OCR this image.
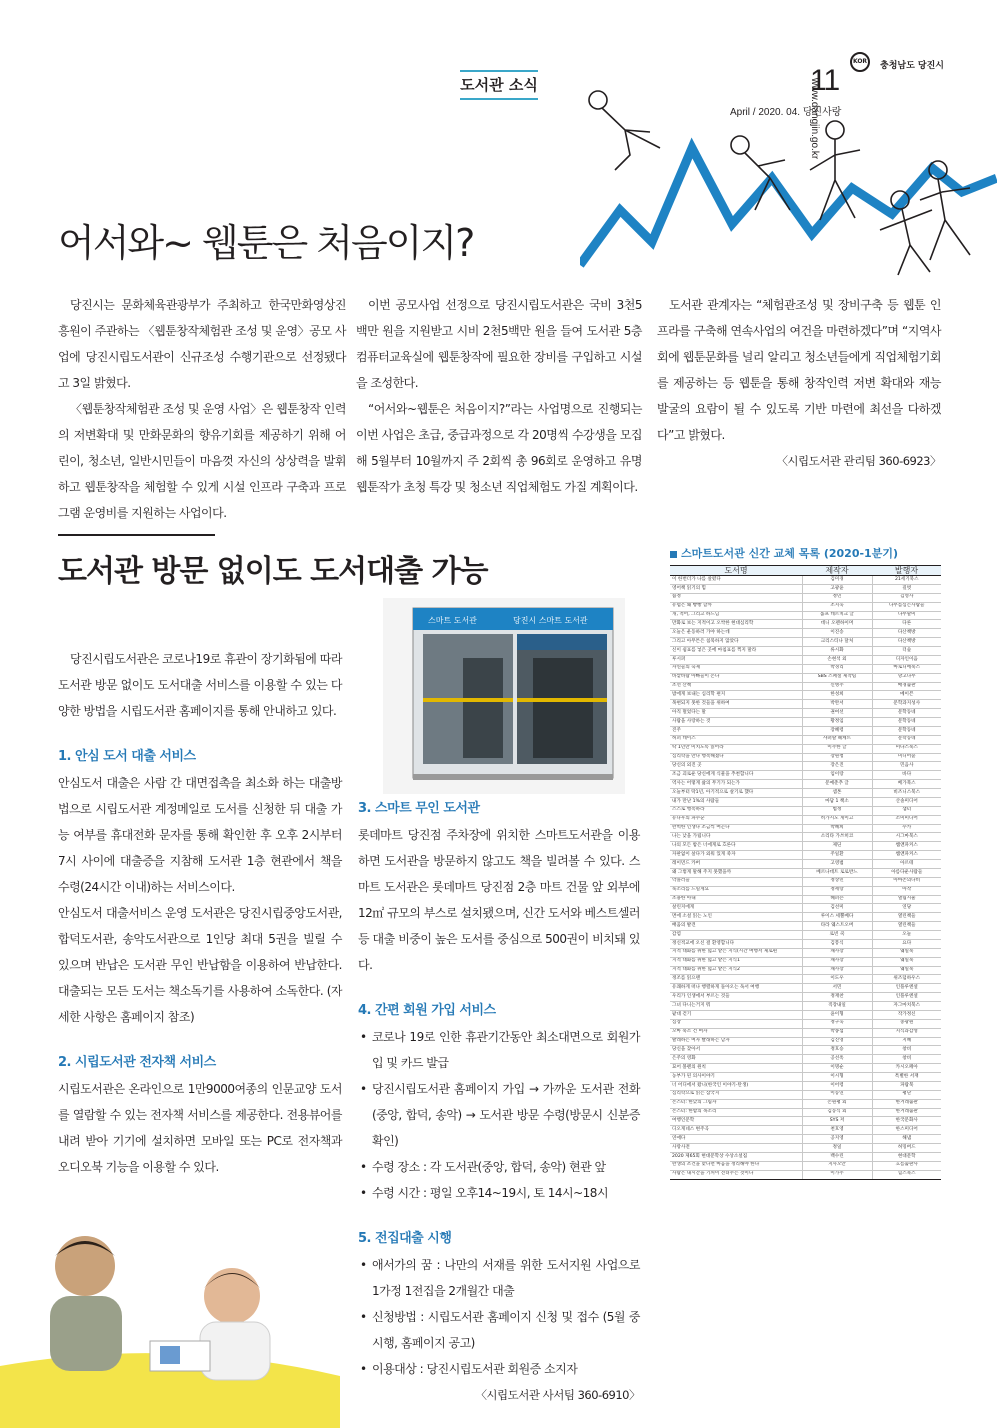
도서관 소식	11
April / 2020. 04. 당진사랑
www.dangjin.go.kr
KOR	충청남도 당진시
어서와~ 웹툰은 처음이지?

당진시는 문화체육관광부가 주최하고 한국만화영상진흥원이 주관하는 〈웹툰창작체험관 조성 및 운영〉공모 사업에 당진시립도서관이 신규조성 수행기관으로 선정됐다고 3일 밝혔다.

〈웹툰창작체험관 조성 및 운영 사업〉은 웹툰창작 인력의 저변확대 및 만화문화의 향유기회를 제공하기 위해 어린이, 청소년, 일반시민들이 마음껏 자신의 상상력을 발휘하고 웹툰창작을 체험할 수 있게 시설 인프라 구축과 프로그램 운영비를 지원하는 사업이다.

이번 공모사업 선정으로 당진시립도서관은 국비 3천5백만 원을 지원받고 시비 2천5백만 원을 들여 도서관 5층 컴퓨터교육실에 웹툰창작에 필요한 장비를 구입하고 시설을 조성한다.

“어서와~웹툰은 처음이지?”라는 사업명으로 진행되는 이번 사업은 초급, 중급과정으로 각 20명씩 수강생을 모집해 5월부터 10월까지 주 2회씩 총 96회로 운영하고 유명 웹툰작가 초청 특강 및 청소년 직업체험도 가질 계획이다.

도서관 관계자는 “체험관조성 및 장비구축 등 웹툰 인프라를 구축해 연속사업의 여건을 마련하겠다”며 “지역사회에 웹툰문화를 널리 알리고 청소년들에게 직업체험기회를 제공하는 등 웹툰을 통해 창작인력 저변 확대와 재능 발굴의 요람이 될 수 있도록 기반 마련에 최선을 다하겠다”고 밝혔다.

〈시립도서관 관리팀 360-6923〉

도서관 방문 없이도 도서대출 가능
스마트 도서관	당진시 스마트 도서관

당진시립도서관은 코로나19로 휴관이 장기화됨에 따라 도서관 방문 없이도 도서대출 서비스를 이용할 수 있는 다양한 방법을 시립도서관 홈페이지를 통해 안내하고 있다.

1. 안심 도서 대출 서비스

안심도서 대출은 사람 간 대면접촉을 최소화 하는 대출방법으로 시립도서관 계정메일로 도서를 신청한 뒤 대출 가능 여부를 휴대전화 문자를 통해 확인한 후 오후 2시부터 7시 사이에 대출증을 지참해 도서관 1층 현관에서 책을 수령(24시간 이내)하는 서비스이다.

안심도서 대출서비스 운영 도서관은 당진시립중앙도서관, 합덕도서관, 송악도서관으로 1인당 최대 5권을 빌릴 수 있으며 반납은 도서관 무인 반납함을 이용하여 반납한다. 대출되는 모든 도서는 책소독기를 사용하여 소독한다. (자세한 사항은 홈페이지 참조)

2. 시립도서관 전자책 서비스

시립도서관은 온라인으로 1만9000여종의 인문교양 도서를 열람할 수 있는 전자책 서비스를 제공한다. 전용뷰어를 내려 받아 기기에 설치하면 모바일 또는 PC로 전자책과 오디오북 기능을 이용할 수 있다.

3. 스마트 무인 도서관

롯데마트 당진점 주차장에 위치한 스마트도서관을 이용하면 도서관을 방문하지 않고도 책을 빌려볼 수 있다. 스마트 도서관은 롯데마트 당진점 2층 마트 건물 앞 외부에 12㎡ 규모의 부스로 설치됐으며, 신간 도서와 베스트셀러 등 대출 비중이 높은 도서를 중심으로 500권이 비치돼 있다.

4. 간편 회원 가입 서비스
• 코로나 19로 인한 휴관기간동안 최소대면으로 회원가입 및 카드 발급
• 당진시립도서관 홈페이지 가입 → 가까운 도서관 전화(중앙, 합덕, 송악) → 도서관 방문 수령(방문시 신분증 확인)
• 수령 장소 : 각 도서관(중앙, 합덕, 송악) 현관 앞
• 수령 시간 : 평일 오후14~19시, 토 14시~18시
5. 전집대출 시행
• 애서가의 꿈 : 나만의 서재를 위한 도서지원 사업으로 1가정 1전집을 2개월간 대출
• 신청방법 : 시립도서관 홈페이지 신청 및 접수 (5월 중 시행, 홈페이지 공고)
• 이용대상 : 당진시립도서관 회원증 소지자

〈시립도서관 사서팀 360-6910〉

스마트도서관 신간 교체 목록 (2020-1분기)
도서명	제작자	발행자
이 한번더가 나를 살렸다	김미경	21세기북스
영어책 읽기의 힘	고광윤	길벗
습정	정민	김영사
유럽은 왜 빵빵 할까	조지욱	나무를심는사람들
개, 적어, 그리고 하느님	롤프 데르치크 글	나무말미
만화로 보는 지적이고 오싹한 현대심리학	데니 오펜하이머	다른
오늘은 운동하러 가야 하는데	이진송	다산책방
그리고 아무튼은 침묵하지 않았다	크리스티나 달처	다산책방
신이 쉼표를 넣은 곳에 마침표를 찍지 말라	류시화	더숲
루시퍼	손현석 외	디자인이음
자연들의 숙제	박경리	마로니에북스
바깥바람 아빠들이 온다	SBS 스페셜 제작팀	망고나무
조선 산책	신병주	매경출판
밤에게 보내는 심리학 편지	한성희	메이븐
목현되지 못한 것들을 위하여	박완서	문학과지성사
아직 멀었다는 말	권여선	문학동네
사람을 사랑하는 것	황정임	문학동네
진주	장혜령	문학동네
허퍼 데이스	샤퍼랄 헤케트	문학동네
딱 1년만 미치도록 읽어라	이주한 글	미다스북스
심리학을 만나 행복해졌다	장원청	미디어숲
당신의 외진 곳	장은진	민음사
조금 괴로운 당신에게 식물을 추천합니다	임이랑	바다
역사는 어떻게 삶의 무기가 되는가	문예춘추 글	베가북스
오늘부터 딱1년, 아기적으로 살기로 했다	셈톤	비즈니스북스
내가 만난 1%의 사람들	마담 1 책소	산솔미디어
스스로 행복하라	법정	샘터
뉴나우의 파수꾼	히가시노 게이고	소미미디어
완벽한 인생나 조금씩 여곤다	박혜희	수카
나는 낮을 가립니다	소리타 가쓰히코	시그마북스
나의 모든 밤은 너에게로 흐른다	제딘	쌤앤파커스
자판없이 살다가 외워 있게 죽자	주일환	쌤앤파커스
레이먼드 카버	고영범	아르테
왜 그렇게 말해 주지 못했을까	베르나데트 로로반느	아름다운사람들
악플러들	정상민	아마존의나비
푹소리를 드릴게요	정세랑	아작
조용한 아내	혜퍼슨	열림시물
살린지에게	김선미	연당
면에 소설 읽는 노인	루이스 세뿔베다	열린책들
배움의 발견	타라 웨스트오버	열린책들
감염	로빈 쿡	오늘
정신적교에 오신 걸 환영합니다	김봉식	요다
지적 대화를 위한 넓고 얕은 지식(시간 여행서 제로편	채사장	웨일북
지적 대화를 위한 넓고 얕은 지식1	채사장	웨일북
지적 대화를 위한 넓고 얕은 지식2	채사장	웨일북
정조를 읽으랜	이도우	위즈덤하우스
유쾌하게 떠나 행렬하게 돌아오는 독서 여행	서민	인플루엔셜
우리가 인생에서 부르는 것들	정재찬	인플루엔셜
그녀 다니는거지 뭐	직장내일	자그마치북스
팥대 걷기	윤이형	작가정신
심장	정구욱	중광원
꼬마 북소 건 여자	박종섬	지식과감성
발레하는 여자 빨래하는 남자	김진영	지혜
당신을 찾아서	정호승	창비
은주의 영화	공선옥	창비
묘어 볼펜의 원칙	이명순	카시오페아
농부가 된 의사이야기	이시형	특별한 서재
너 어디에서 왔니(한국인 이야기-탄생)	이어령	파람북
심리학으로 읽는 삼국지	이동연	평단
몬스터: 한낮의 그림자	손원평 외	한겨레출판
몬스터: 한밤의 목소리	김동식 외	한겨레출판
여행인문학	SYS 저	한국문화사
디오게네스 변주곡	천호영	한스미디어
연애다	공지영	해냄
사랑사전	정일	허밍버드
2020 제65회 현대문학상 수상소설집	백수린	현대문학
완생의 조건을 맞다면 마음을 정리해야 한다	지사오안	흐름출판사
사람은 내시간을 기꺼이 견뎌주는 것이다	이가주	힐스북스
